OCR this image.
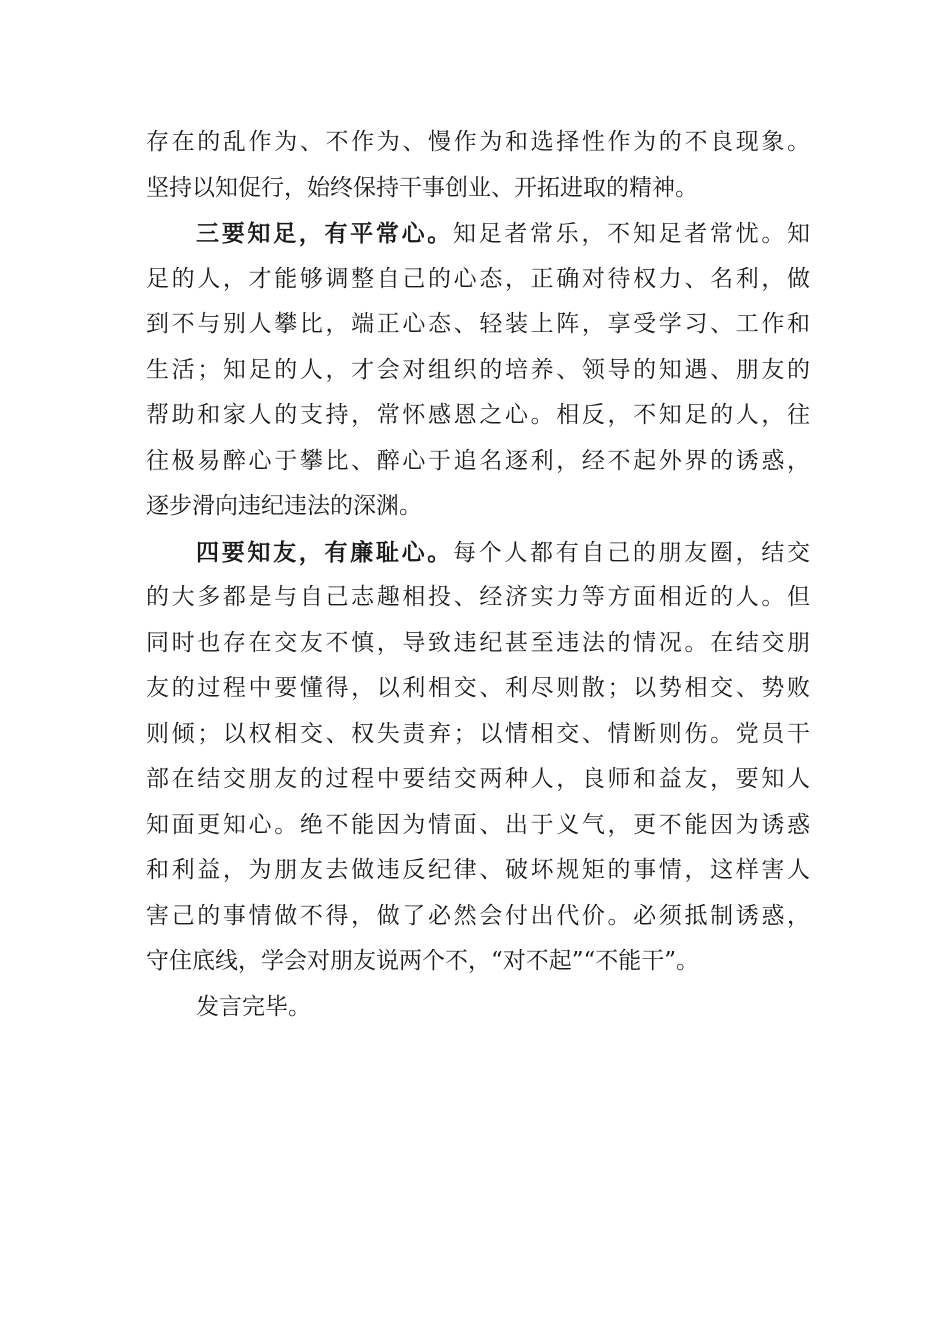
存在的乱作为、不作为、慢作为和选择性作为的不良现象。
坚持以知促行，始终保持干事创业、开拓进取的精神。
三要知足，有平常心。知足者常乐，不知足者常忧。知
足的人，才能够调整自己的心态，正确对待权力、名利，做
到不与别人攀比，端正心态、轻装上阵，享受学习、工作和
生活；知足的人，才会对组织的培养、领导的知遇、朋友的
帮助和家人的支持，常怀感恩之心。相反，不知足的人，往
往极易醉心于攀比、醉心于追名逐利，经不起外界的诱惑，
逐步滑向违纪违法的深渊。
四要知友，有廉耻心。每个人都有自己的朋友圈，结交
的大多都是与自己志趣相投、经济实力等方面相近的人。但
同时也存在交友不慎，导致违纪甚至违法的情况。在结交朋
友的过程中要懂得，以利相交、利尽则散；以势相交、势败
则倾；以权相交、权失责弃；以情相交、情断则伤。党员干
部在结交朋友的过程中要结交两种人，良师和益友，要知人
知面更知心。绝不能因为情面、出于义气，更不能因为诱惑
和利益，为朋友去做违反纪律、破坏规矩的事情，这样害人
害己的事情做不得，做了必然会付出代价。必须抵制诱惑，
守住底线，学会对朋友说两个不，“对不起”“不能干”。
发言完毕。
